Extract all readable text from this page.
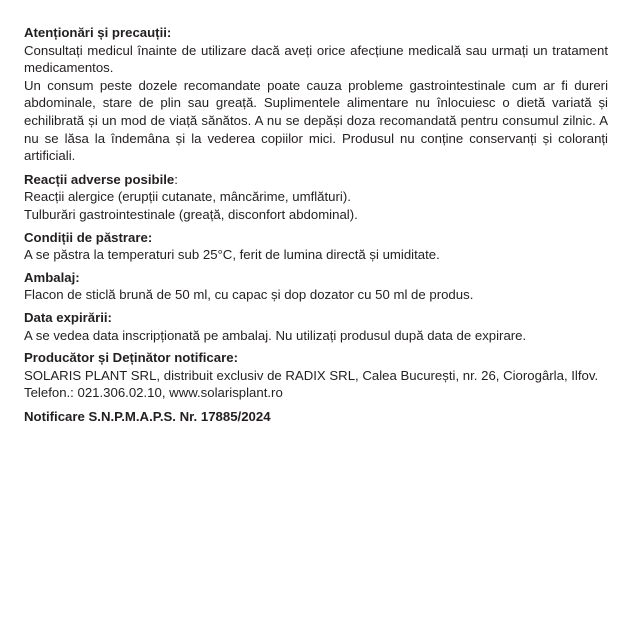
Atenționări și precauții:

Consultați medicul înainte de utilizare dacă aveți orice afecțiune medicală sau urmați un tratament medicamentos.

Un consum peste dozele recomandate poate cauza probleme gastrointestinale cum ar fi dureri abdominale, stare de plin sau greață. Suplimentele alimentare nu înlocuiesc o dietă variată și echilibrată și un mod de viață sănătos. A nu se depăși doza recomandată pentru consumul zilnic. A nu se lăsa la îndemâna și la vederea copiilor mici. Produsul nu conține conservanți și coloranți artificiali.

Reacții adverse posibile:

Reacții alergice (erupții cutanate, mâncărime, umflături).

Tulburări gastrointestinale (greață, disconfort abdominal).

Condiții de păstrare:

A se păstra la temperaturi sub 25°C, ferit de lumina directă și umiditate.

Ambalaj:

Flacon de sticlă brună de 50 ml, cu capac și dop dozator cu 50 ml de produs.

Data expirării:

A se vedea data inscripționată pe ambalaj. Nu utilizați produsul după data de expirare.

Producător și Deținător notificare:

SOLARIS PLANT SRL, distribuit exclusiv de RADIX SRL, Calea București, nr. 26, Ciorogârla, Ilfov.

Telefon.: 021.306.02.10, www.solarisplant.ro

Notificare S.N.P.M.A.P.S. Nr. 17885/2024
